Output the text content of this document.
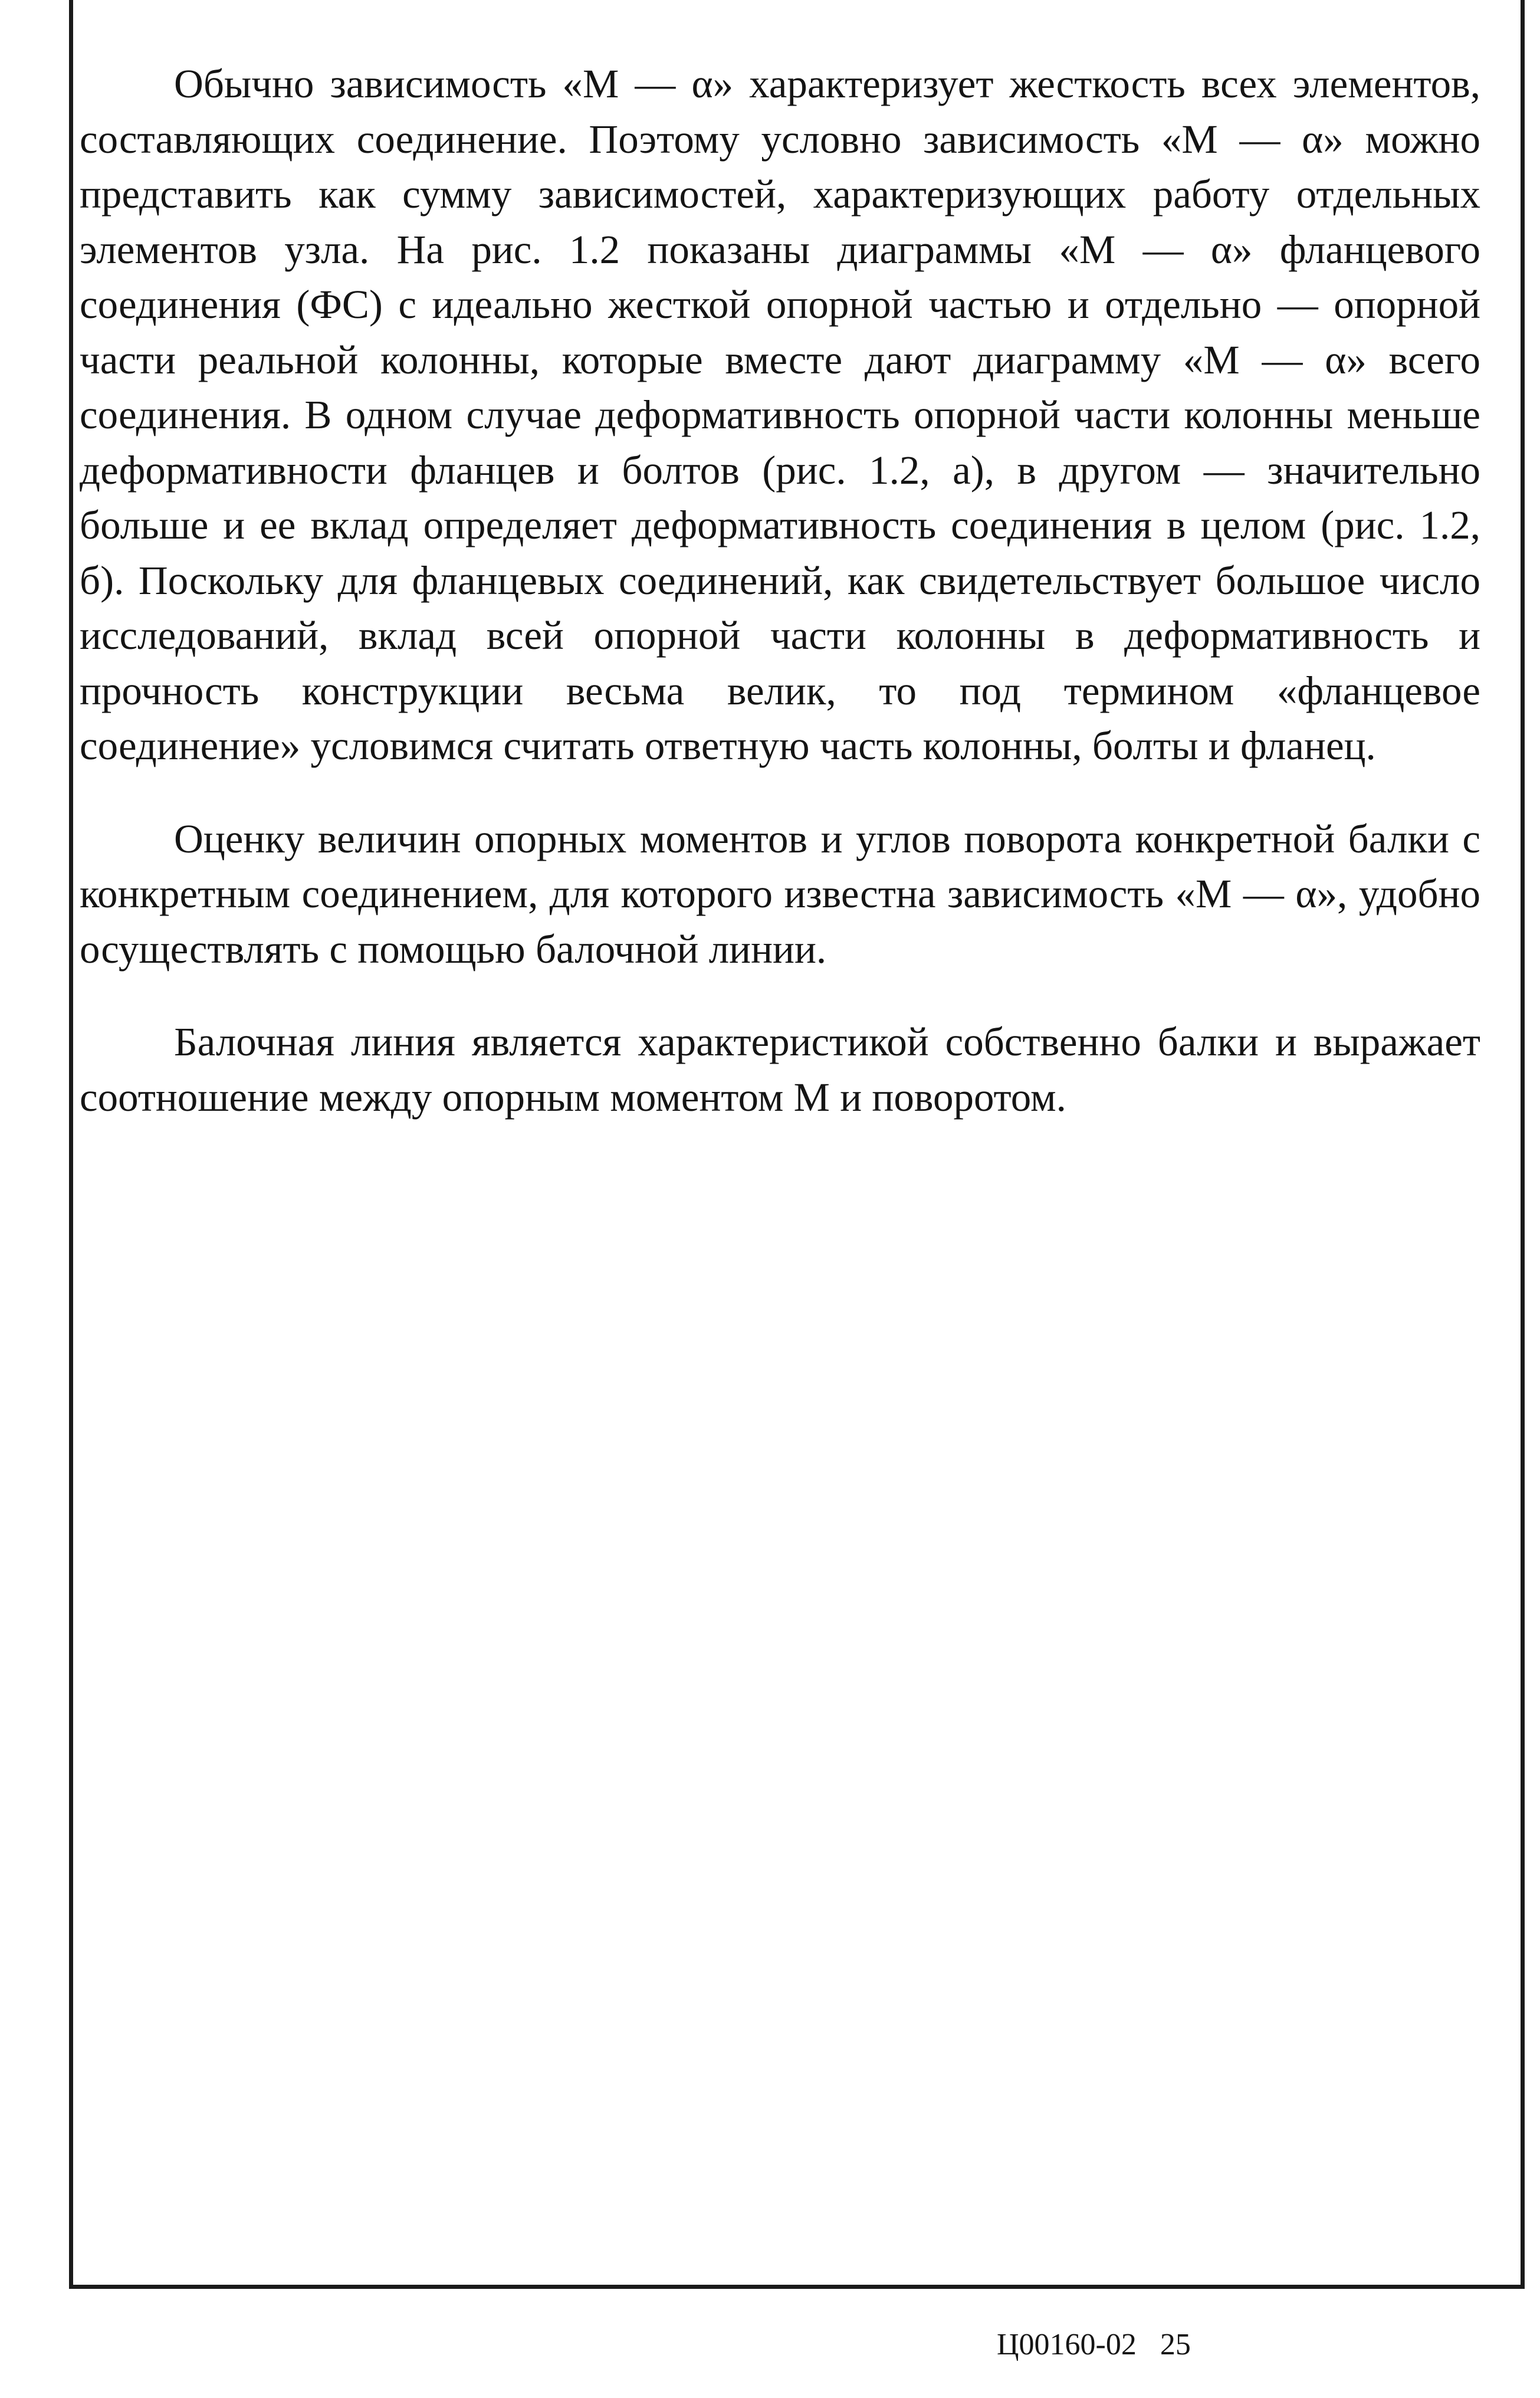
Обычно зависимость «M — α» характеризует жесткость всех элементов, составляющих соединение. Поэтому условно зависимость «M — α» можно представить как сумму зависимостей, характеризующих работу отдельных элементов узла. На рис. 1.2 показаны диаграммы «M — α» фланцевого соединения (ФС) с идеально жесткой опорной частью и отдельно — опорной части реальной колонны, которые вместе дают диаграмму «M — α» всего соединения. В одном случае деформативность опорной части колонны меньше деформативности фланцев и болтов (рис. 1.2, а), в другом — значительно больше и ее вклад определяет деформативность соединения в целом (рис. 1.2, б). Поскольку для фланцевых соединений, как свидетельствует большое число исследований, вклад всей опорной части колонны в деформативность и прочность конструкции весьма велик, то под термином «фланцевое соединение» условимся считать ответную часть колонны, болты и фланец.

Оценку величин опорных моментов и углов поворота конкретной балки с конкретным соединением, для которого известна зависимость «M — α», удобно осуществлять с помощью балочной линии.

Балочная линия является характеристикой собственно балки и выражает соотношение между опорным моментом M и поворотом.

Ц00160-02 25
